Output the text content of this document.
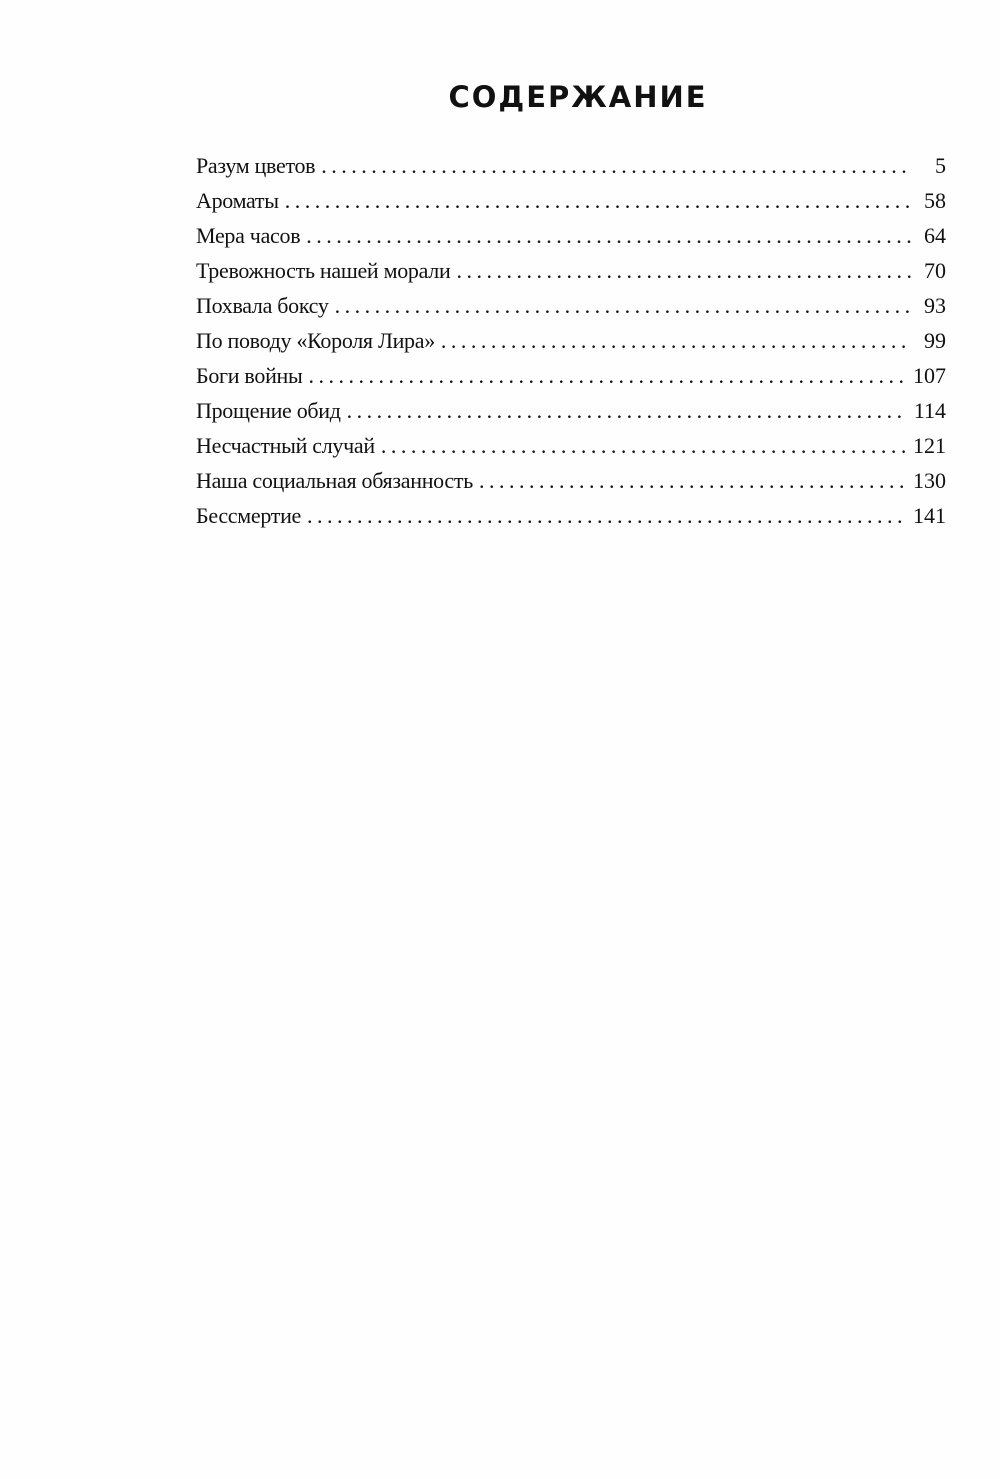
СОДЕРЖАНИЕ
Разум цветов . . .	5
Ароматы . . .	58
Мера часов . . .	64
Тревожность нашей морали . . .	70
Похвала боксу . . .	93
По поводу «Короля Лира» . . .	99
Боги войны . . .	107
Прощение обид . . .	114
Несчастный случай . . .	121
Наша социальная обязанность . . .	130
Бессмертие . . .	141
